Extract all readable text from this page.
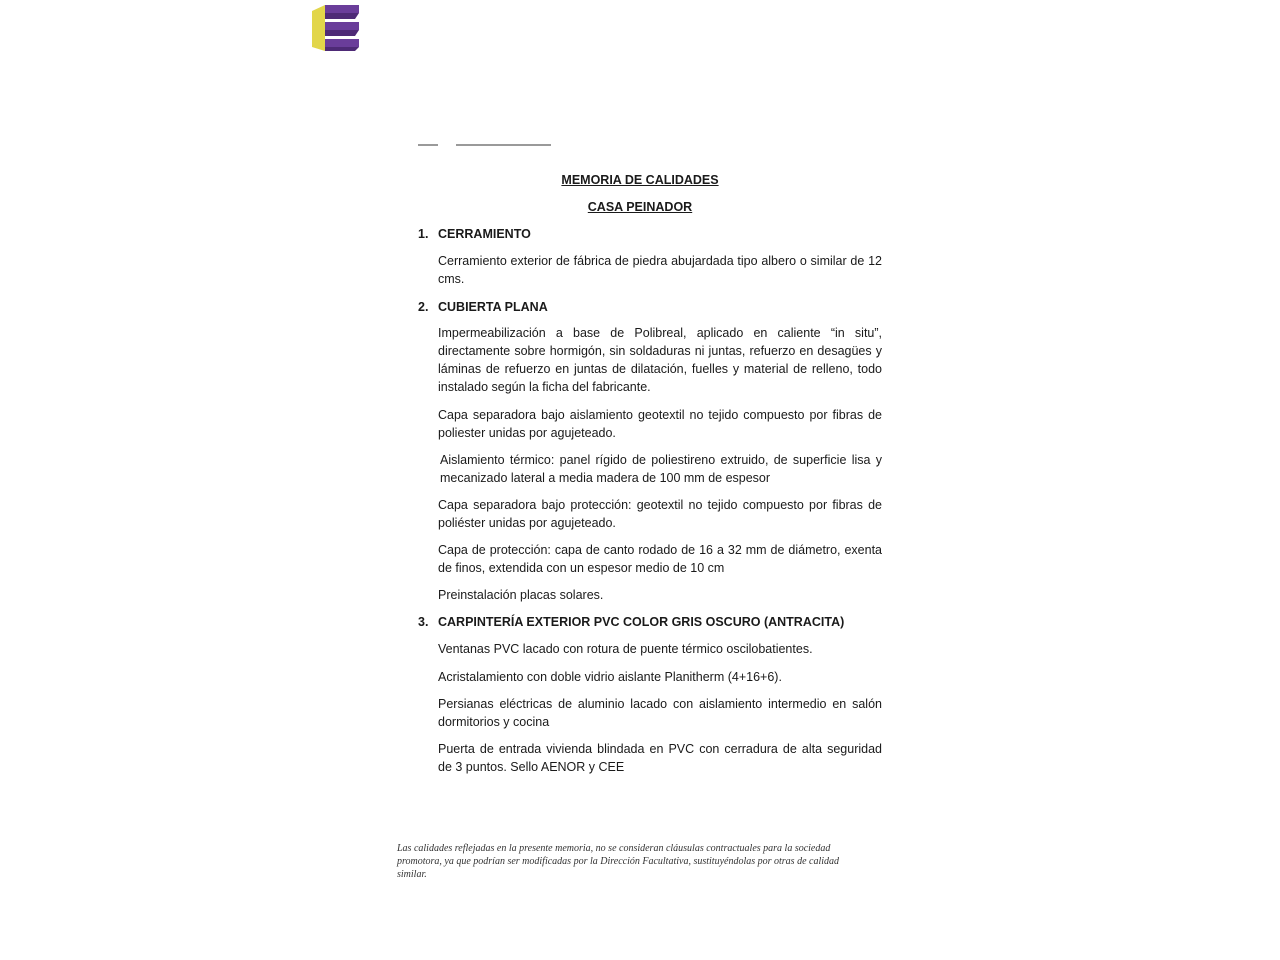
MEMORIA DE CALIDADES

CASA PEINADOR

1. CERRAMIENTO

Cerramiento exterior de fábrica de piedra abujardada tipo albero o similar de 12 cms.

2. CUBIERTA PLANA

Impermeabilización a base de Polibreal, aplicado en caliente “in situ”, directamente sobre hormigón, sin soldaduras ni juntas, refuerzo en desagües y láminas de refuerzo en juntas de dilatación, fuelles y material de relleno, todo instalado según la ficha del fabricante.

Capa separadora bajo aislamiento geotextil no tejido compuesto por fibras de poliester unidas por agujeteado.

Aislamiento térmico: panel rígido de poliestireno extruido, de superficie lisa y mecanizado lateral a media madera de 100 mm de espesor

Capa separadora bajo protección: geotextil no tejido compuesto por fibras de poliéster unidas por agujeteado.

Capa de protección: capa de canto rodado de 16 a 32 mm de diámetro, exenta de finos, extendida con un espesor medio de 10 cm

Preinstalación placas solares.

3. CARPINTERÍA EXTERIOR PVC COLOR GRIS OSCURO (ANTRACITA)

Ventanas PVC lacado con rotura de puente térmico oscilobatientes.

Acristalamiento con doble vidrio aislante Planitherm (4+16+6).

Persianas eléctricas de aluminio lacado con aislamiento intermedio en salón dormitorios y cocina

Puerta de entrada vivienda blindada en PVC con cerradura de alta seguridad de 3 puntos. Sello AENOR y CEE

Las calidades reflejadas en la presente memoria, no se consideran cláusulas contractuales para la sociedad promotora, ya que podrían ser modificadas por la Dirección Facultativa, sustituyéndolas por otras de calidad similar.
